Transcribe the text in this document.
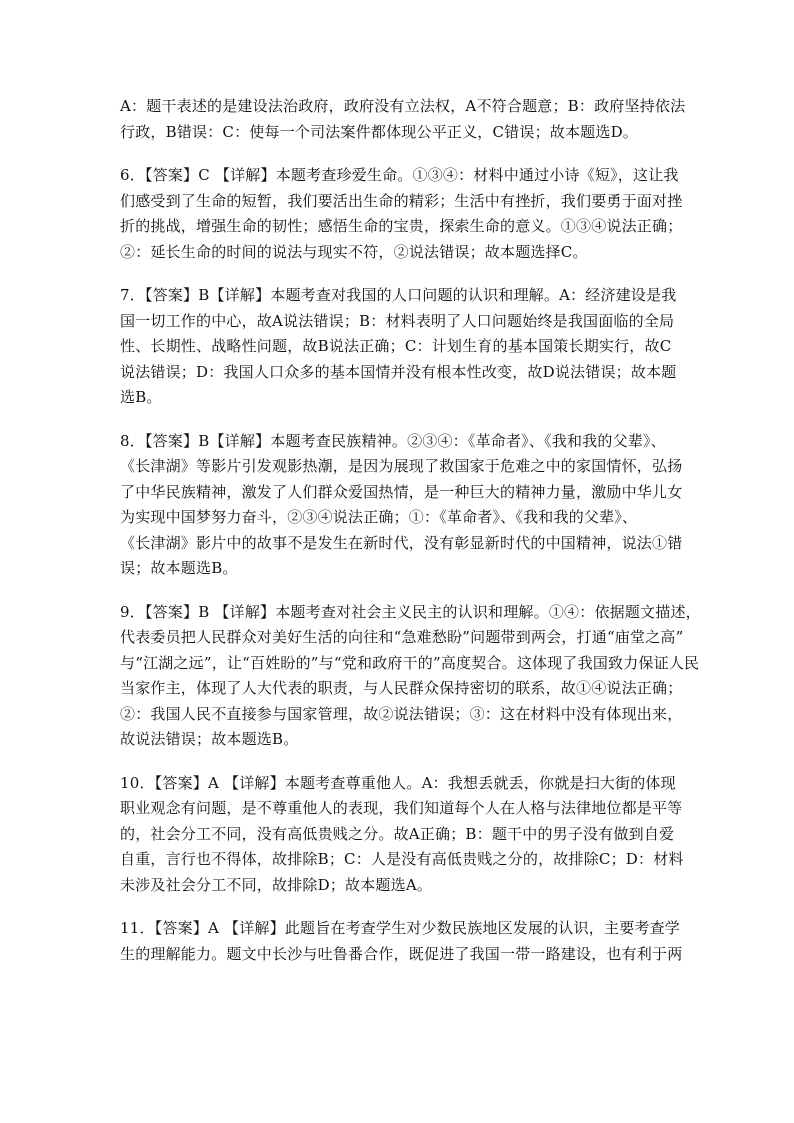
A：题干表述的是建设法治政府，政府没有立法权，A不符合题意；B：政府坚持依法
行政，B错误：C：使每一个司法案件都体现公平正义，C错误；故本题选D。
6．【答案】C 【详解】本题考查珍爱生命。①③④：材料中通过小诗《短》，这让我
们感受到了生命的短暂，我们要活出生命的精彩；生活中有挫折，我们要勇于面对挫
折的挑战，增强生命的韧性；感悟生命的宝贵，探索生命的意义。①③④说法正确；
②：延长生命的时间的说法与现实不符，②说法错误；故本题选择C。
7．【答案】B【详解】本题考查对我国的人口问题的认识和理解。A：经济建设是我
国一切工作的中心，故A说法错误；B：材料表明了人口问题始终是我国面临的全局
性、长期性、战略性问题，故B说法正确；C：计划生育的基本国策长期实行，故C
说法错误；D：我国人口众多的基本国情并没有根本性改变，故D说法错误；故本题
选B。
8．【答案】B【详解】本题考查民族精神。②③④：《革命者》、《我和我的父辈》、
《长津湖》等影片引发观影热潮，是因为展现了救国家于危难之中的家国情怀，弘扬
了中华民族精神，激发了人们群众爱国热情，是一种巨大的精神力量，激励中华儿女
为实现中国梦努力奋斗，②③④说法正确；①：《革命者》、《我和我的父辈》、
《长津湖》影片中的故事不是发生在新时代，没有彰显新时代的中国精神，说法①错
误；故本题选B。
9．【答案】B 【详解】本题考查对社会主义民主的认识和理解。①④：依据题文描述，
代表委员把人民群众对美好生活的向往和“急难愁盼”问题带到两会，打通“庙堂之高”
与“江湖之远”，让“百姓盼的”与“党和政府干的”高度契合。这体现了我国致力保证人民
当家作主，体现了人大代表的职责，与人民群众保持密切的联系，故①④说法正确；
②：我国人民不直接参与国家管理，故②说法错误；③：这在材料中没有体现出来，
故说法错误；故本题选B。
10．【答案】A 【详解】本题考查尊重他人。A：我想丢就丢，你就是扫大街的体现
职业观念有问题，是不尊重他人的表现，我们知道每个人在人格与法律地位都是平等
的，社会分工不同，没有高低贵贱之分。故A正确；B：题干中的男子没有做到自爱
自重，言行也不得体，故排除B；C：人是没有高低贵贱之分的，故排除C；D：材料
未涉及社会分工不同，故排除D；故本题选A。
11．【答案】A 【详解】此题旨在考查学生对少数民族地区发展的认识，主要考查学
生的理解能力。题文中长沙与吐鲁番合作，既促进了我国一带一路建设，也有利于两
